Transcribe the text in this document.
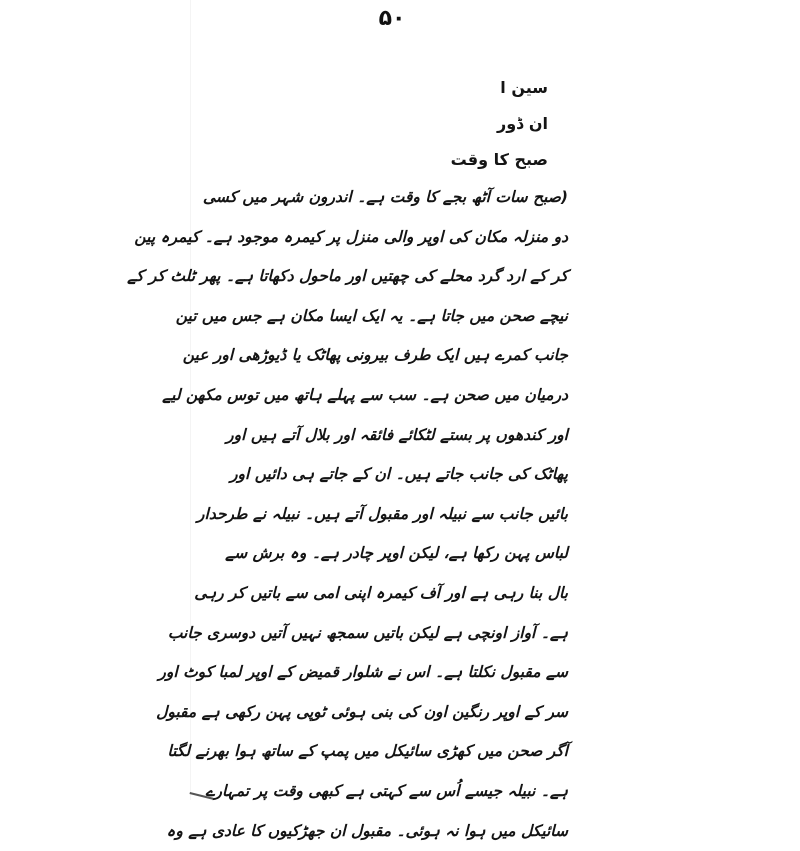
۵۰
سین ا
ان ڈور
صبح کا وقت
(صبح سات آٹھ بجے کا وقت ہے۔ اندرون شہر میں کسی
دو منزلہ مکان کی اوپر والی منزل پر کیمرہ موجود ہے۔ کیمرہ پین
کر کے ارد گرد محلے کی چھتیں اور ماحول دکھاتا ہے۔ پھر ٹلٹ کر کے
نیچے صحن میں جاتا ہے۔ یہ ایک ایسا مکان ہے جس میں تین
جانب کمرے ہیں ایک طرف بیرونی پھاٹک یا ڈیوڑھی اور عین
درمیان میں صحن ہے۔ سب سے پہلے ہاتھ میں توس مکھن لیے
اور کندھوں پر بستے لٹکائے فائقہ اور بلال آتے ہیں اور
پھاٹک کی جانب جاتے ہیں۔ ان کے جاتے ہی دائیں اور
بائیں جانب سے نبیلہ اور مقبول آتے ہیں۔ نبیلہ نے طرحدار
لباس پہن رکھا ہے، لیکن اوپر چادر ہے۔ وہ برش سے
بال بنا رہی ہے اور آف کیمرہ اپنی امی سے باتیں کر رہی
ہے۔ آواز اونچی ہے لیکن باتیں سمجھ نہیں آتیں دوسری جانب
سے مقبول نکلتا ہے۔ اس نے شلوار قمیض کے اوپر لمبا کوٹ اور
سر کے اوپر رنگین اون کی بنی ہوئی ٹوپی پہن رکھی ہے مقبول
آگر صحن میں کھڑی سائیکل میں پمپ کے ساتھ ہوا بھرنے لگتا
ہے۔ نبیلہ جیسے اُس سے کہتی ہے کبھی وقت پر تمہارے
سائیکل میں ہوا نہ ہوئی۔ مقبول ان جھڑکیوں کا عادی ہے وہ
